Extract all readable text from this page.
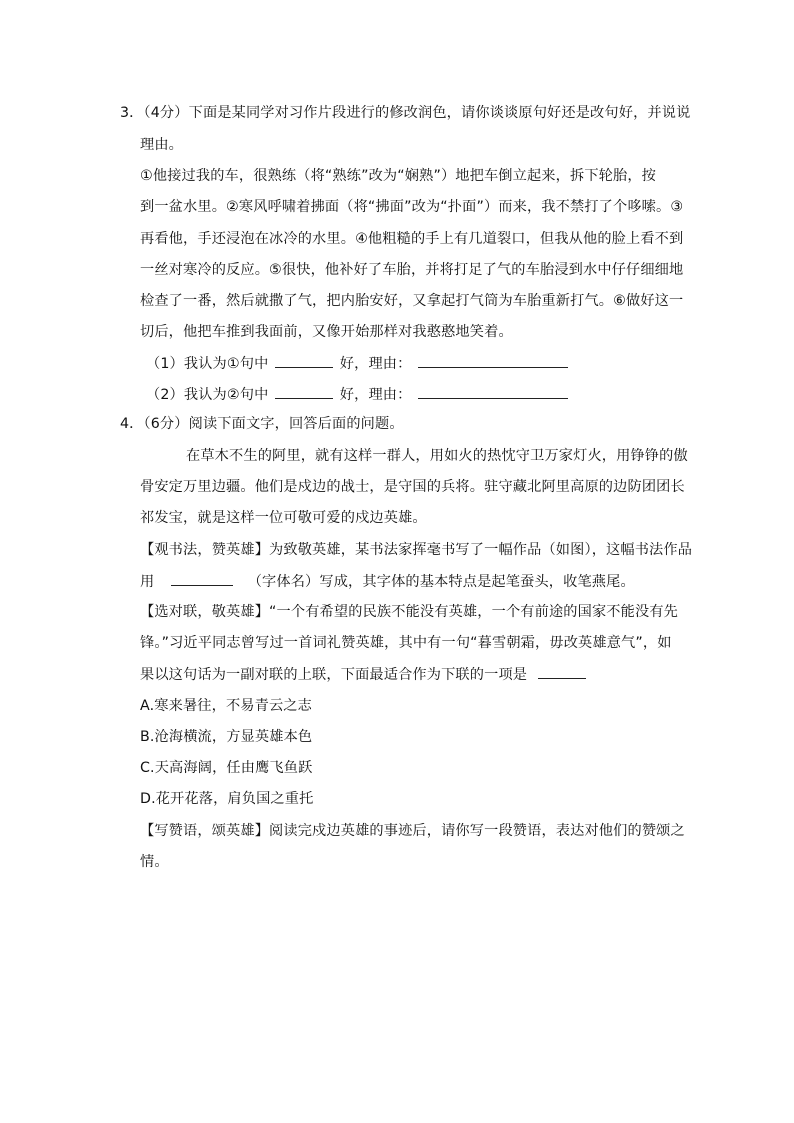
3．（4分）下面是某同学对习作片段进行的修改润色，请你谈谈原句好还是改句好，并说说
理由。
①他接过我的车，很熟练（将“熟练”改为“娴熟”）地把车倒立起来，拆下轮胎，按
到一盆水里。②寒风呼啸着拂面（将“拂面”改为“扑面”）而来，我不禁打了个哆嗦。③
再看他，手还浸泡在冰冷的水里。④他粗糙的手上有几道裂口，但我从他的脸上看不到
一丝对寒冷的反应。⑤很快，他补好了车胎，并将打足了气的车胎浸到水中仔仔细细地
检查了一番，然后就撒了气，把内胎安好，又拿起打气筒为车胎重新打气。⑥做好这一
切后，他把车推到我面前，又像开始那样对我憨憨地笑着。
（1）我认为①句中	好，理由：
（2）我认为②句中	好，理由：
4．（6分）阅读下面文字，回答后面的问题。
在草木不生的阿里，就有这样一群人，用如火的热忱守卫万家灯火，用铮铮的傲
骨安定万里边疆。他们是戍边的战士，是守国的兵将。驻守藏北阿里高原的边防团团长
祁发宝，就是这样一位可敬可爱的戍边英雄。
【观书法，赞英雄】为致敬英雄，某书法家挥毫书写了一幅作品（如图），这幅书法作品
用	（字体名）写成，其字体的基本特点是起笔蚕头，收笔燕尾。
【选对联，敬英雄】“一个有希望的民族不能没有英雄，一个有前途的国家不能没有先
锋。”习近平同志曾写过一首词礼赞英雄，其中有一句“暮雪朝霜，毋改英雄意气”，如
果以这句话为一副对联的上联，下面最适合作为下联的一项是
A.寒来暑往，不易青云之志
B.沧海横流，方显英雄本色
C.天高海阔，任由鹰飞鱼跃
D.花开花落，肩负国之重托
【写赞语，颂英雄】阅读完戍边英雄的事迹后，请你写一段赞语，表达对他们的赞颂之
情。
